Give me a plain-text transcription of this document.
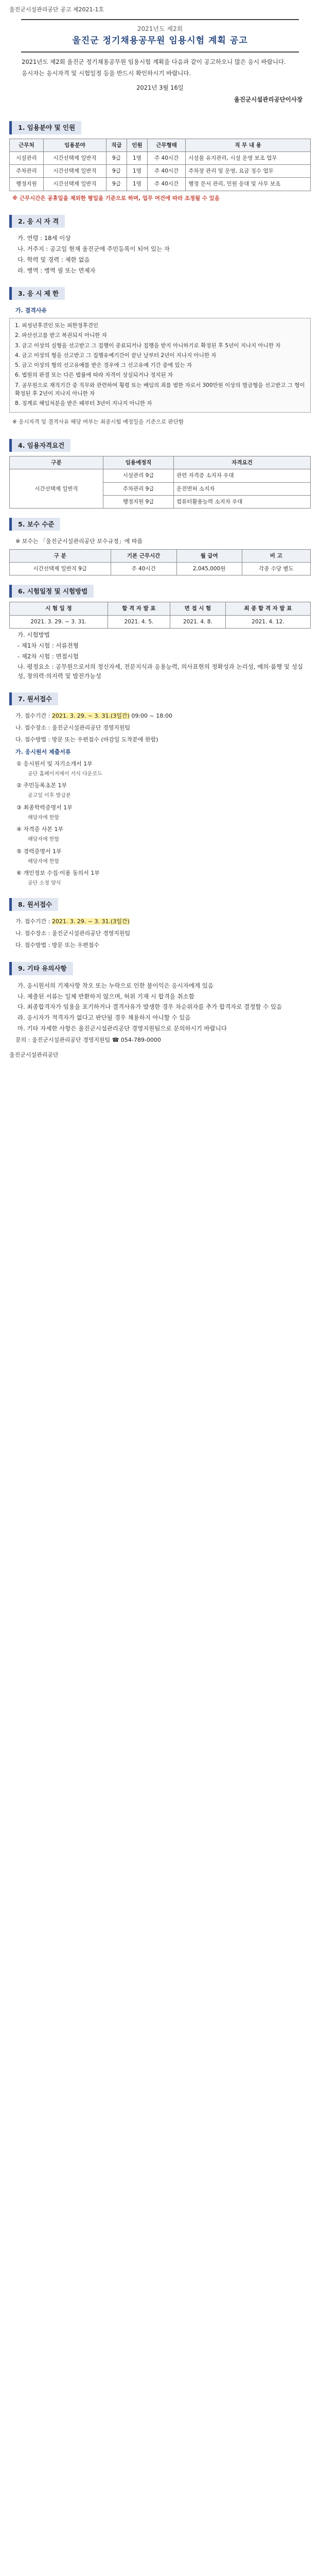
울진군시설관리공단 공고 제2021-1호
2021년도 제2회
울진군 정기채용공무원 임용시험 계획 공고

2021년도 제2회 울진군 정기채용공무원 임용시험 계획을 다음과 같이 공고하오니 많은 응시 바랍니다.

응시자는 응시자격 및 시험일정 등을 반드시 확인하시기 바랍니다.

2021년 3월 16일
울진군시설관리공단이사장
1. 임용분야 및 인원
근무처	임용분야	직급	인원	근무형태	직 무 내 용
시설관리	시간선택제 일반직	9급	1명	주 40시간	시설물 유지관리, 시설 운영 보조 업무
주차관리	시간선택제 일반직	9급	1명	주 40시간	주차장 관리 및 운영, 요금 징수 업무
행정지원	시간선택제 일반직	9급	1명	주 40시간	행정 문서 관리, 민원 응대 및 사무 보조
※ 근무시간은 공휴일을 제외한 평일을 기준으로 하며, 업무 여건에 따라 조정될 수 있음
2. 응 시 자 격
가. 연령 : 18세 이상
나. 거주지 : 공고일 현재 울진군에 주민등록이 되어 있는 자
다. 학력 및 경력 : 제한 없음
라. 병역 : 병역 필 또는 면제자
3. 응 시 제 한
가. 결격사유
1. 피성년후견인 또는 피한정후견인
2. 파산선고를 받고 복권되지 아니한 자
3. 금고 이상의 실형을 선고받고 그 집행이 종료되거나 집행을 받지 아니하기로 확정된 후 5년이 지나지 아니한 자
4. 금고 이상의 형을 선고받고 그 집행유예기간이 끝난 날부터 2년이 지나지 아니한 자
5. 금고 이상의 형의 선고유예를 받은 경우에 그 선고유예 기간 중에 있는 자
6. 법원의 판결 또는 다른 법률에 따라 자격이 상실되거나 정지된 자
7. 공무원으로 재직기간 중 직무와 관련하여 횡령 또는 배임의 죄를 범한 자로서 300만원 이상의 벌금형을 선고받고 그 형이 확정된 후 2년이 지나지 아니한 자
8. 징계로 해임처분을 받은 때부터 3년이 지나지 아니한 자
※ 응시자격 및 결격사유 해당 여부는 최종시험 예정일을 기준으로 판단함
4. 임용자격요건
구분	임용예정직	자격요건
시간선택제 일반직	시설관리 9급	관련 자격증 소지자 우대
	주차관리 9급	운전면허 소지자
	행정지원 9급	컴퓨터활용능력 소지자 우대
5. 보수 수준
※ 보수는 「울진군시설관리공단 보수규정」에 따름
구 분	기본 근무시간	월 급여	비 고
시간선택제 일반직 9급	주 40시간	2,045,000원	각종 수당 별도
6. 시험일정 및 시험방법
시 험 일 정	합 격 자 발 표	면 접 시 험	최 종 합 격 자 발 표
2021. 3. 29. ~ 3. 31.	2021. 4. 5.	2021. 4. 8.	2021. 4. 12.
가. 시험방법
- 제1차 시험 : 서류전형
- 제2차 시험 : 면접시험
나. 평정요소 : 공무원으로서의 정신자세, 전문지식과 응용능력, 의사표현의 정확성과 논리성, 예의·품행 및 성실성, 창의력·의지력 및 발전가능성
7. 원서접수
가. 접수기간 : 2021. 3. 29. ~ 3. 31.(3일간) 09:00 ~ 18:00
나. 접수장소 : 울진군시설관리공단 경영지원팀
다. 접수방법 : 방문 또는 우편접수 (마감일 도착분에 한함)
가. 응시원서 제출서류
① 응시원서 및 자기소개서 1부
공단 홈페이지에서 서식 다운로드
② 주민등록초본 1부
공고일 이후 발급분
③ 최종학력증명서 1부
해당자에 한함
④ 자격증 사본 1부
해당자에 한함
⑤ 경력증명서 1부
해당자에 한함
⑥ 개인정보 수집·이용 동의서 1부
공단 소정 양식
8. 원서접수
가. 접수기간 : 2021. 3. 29. ~ 3. 31.(3일간)
나. 접수장소 : 울진군시설관리공단 경영지원팀
다. 접수방법 : 방문 또는 우편접수
9. 기타 유의사항
가. 응시원서의 기재사항 착오 또는 누락으로 인한 불이익은 응시자에게 있음
나. 제출된 서류는 일체 반환하지 않으며, 허위 기재 시 합격을 취소함
다. 최종합격자가 임용을 포기하거나 결격사유가 발생한 경우 차순위자를 추가 합격자로 결정할 수 있음
라. 응시자가 적격자가 없다고 판단될 경우 채용하지 아니할 수 있음
마. 기타 자세한 사항은 울진군시설관리공단 경영지원팀으로 문의하시기 바랍니다
문의 : 울진군시설관리공단 경영지원팀 ☎ 054-789-0000
울진군시설관리공단
